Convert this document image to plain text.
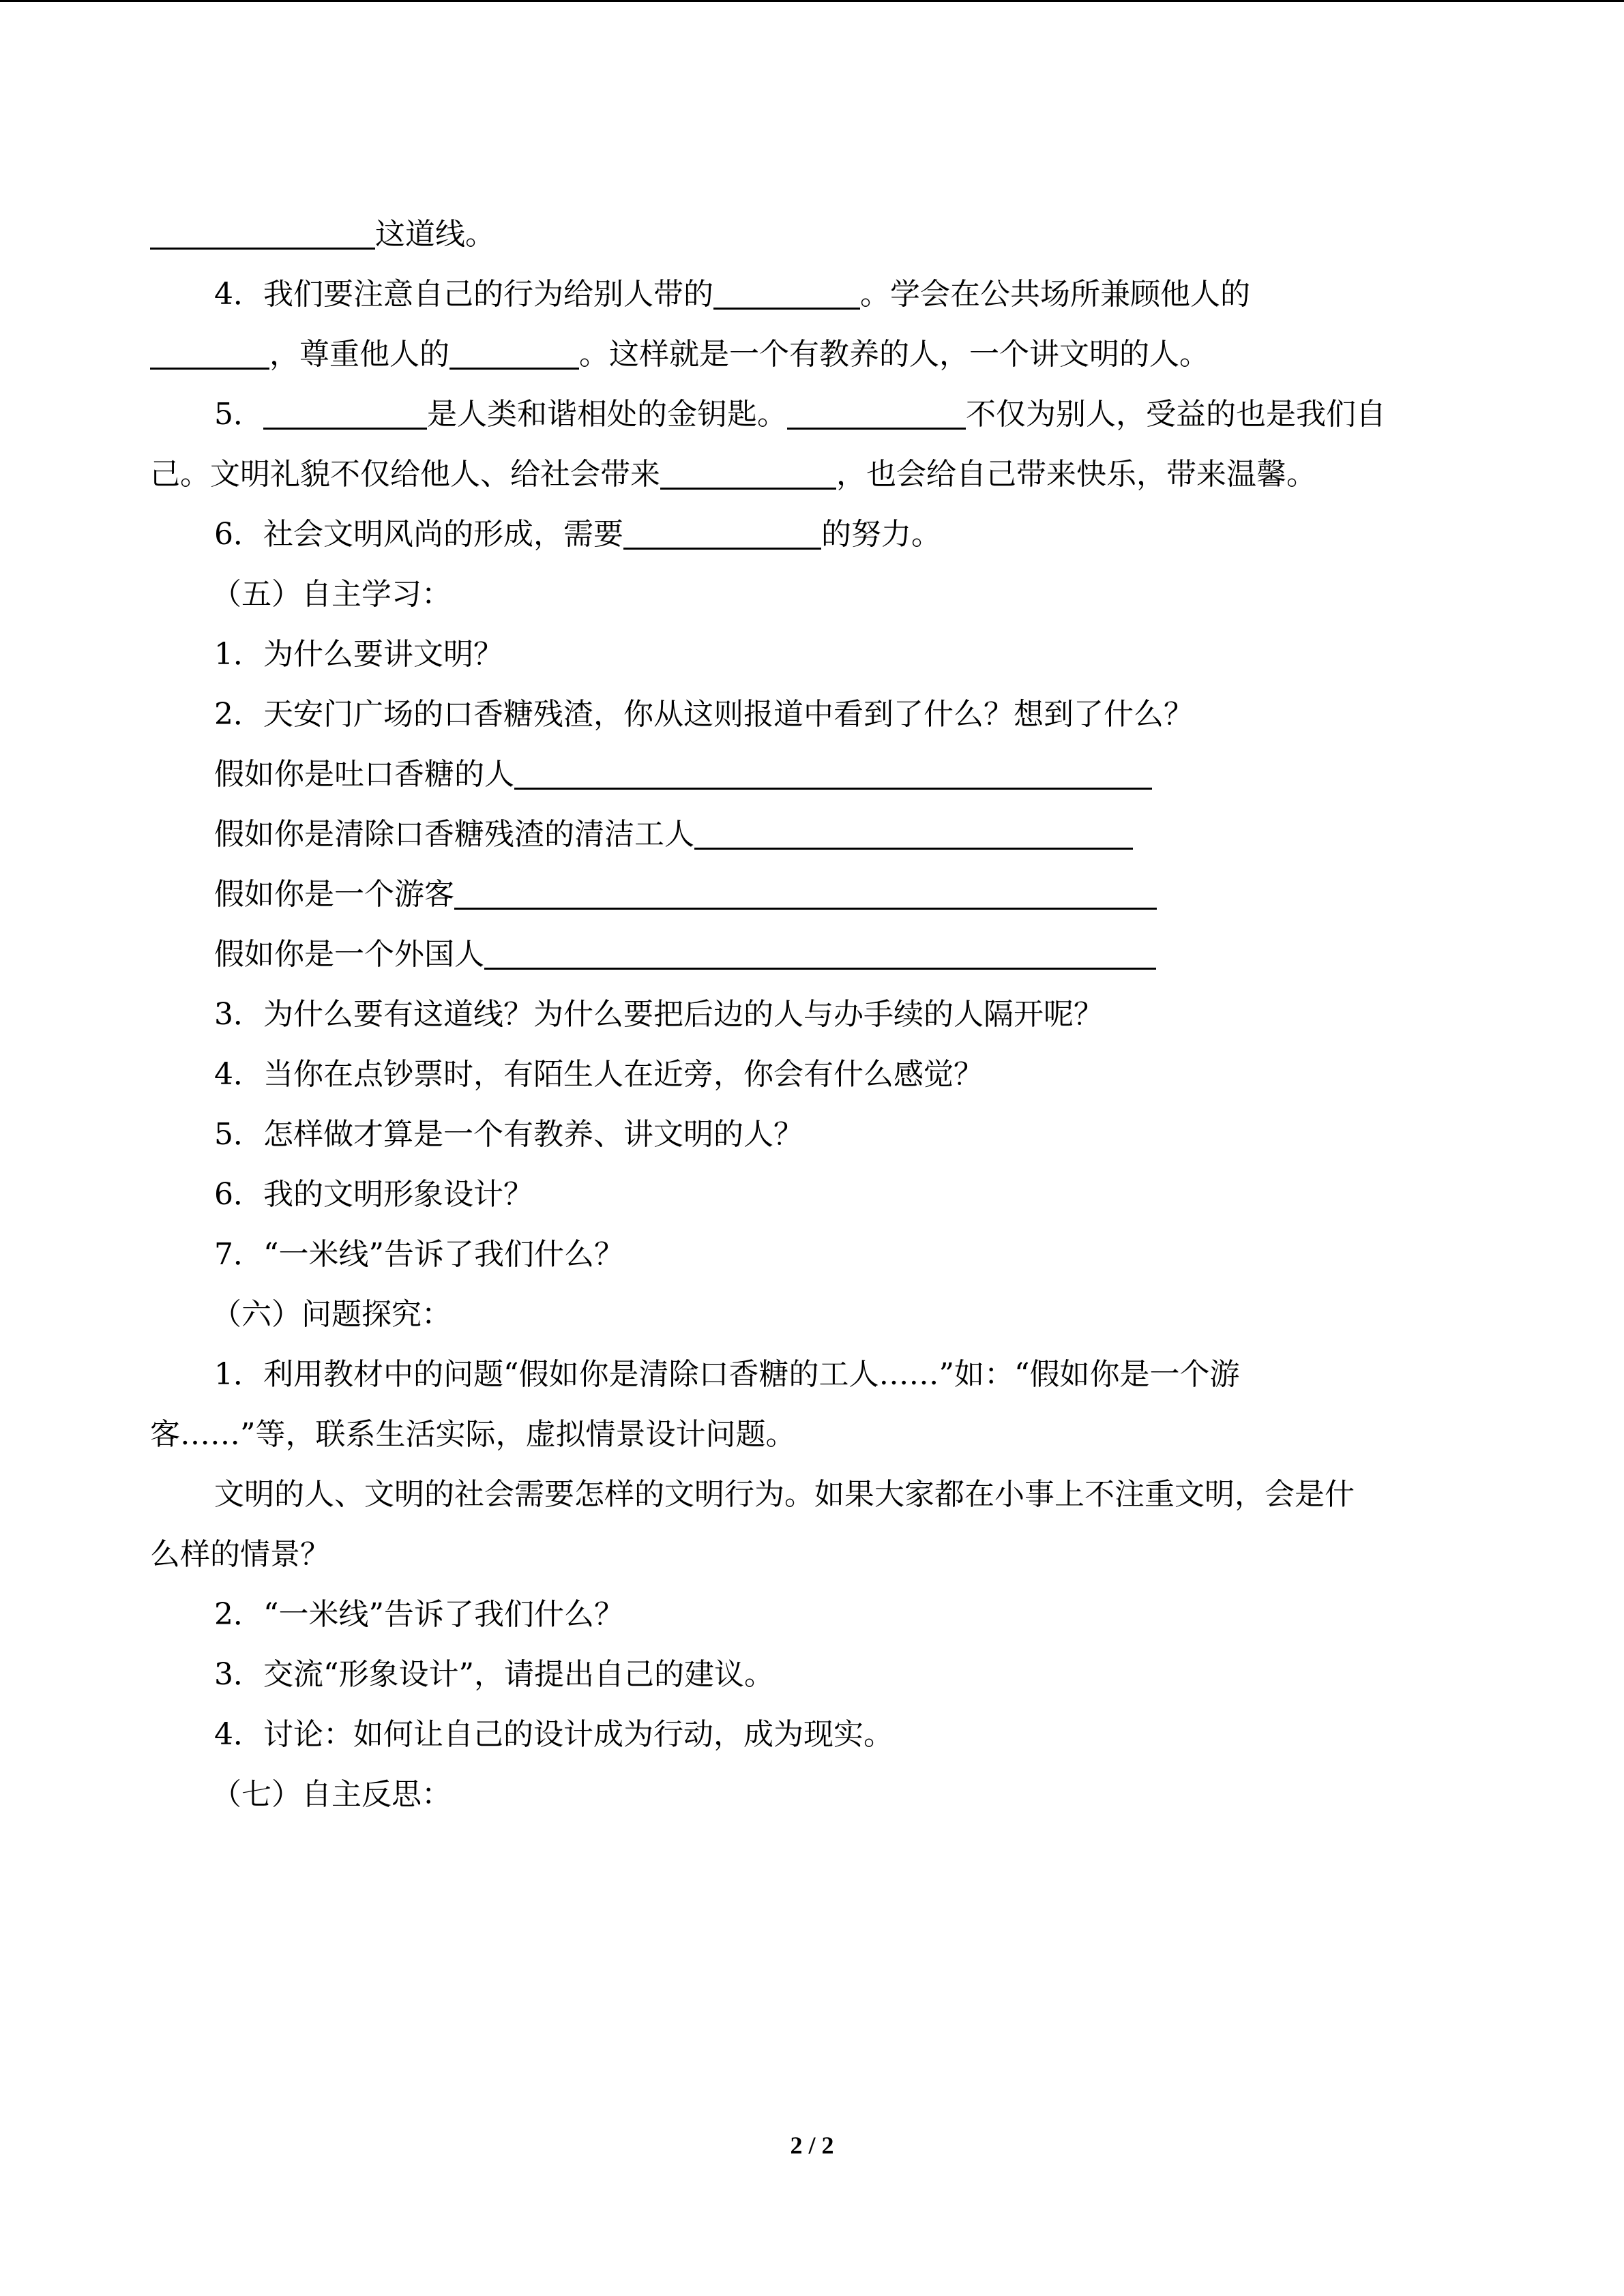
这道线。
4．我们要注意自己的行为给别人带的	。学会在公共场所兼顾他人的
，尊重他人的	。这样就是一个有教养的人，一个讲文明的人。
5．	是人类和谐相处的金钥匙。	不仅为别人，受益的也是我们自
己。文明礼貌不仅给他人、给社会带来	，也会给自己带来快乐，带来温馨。
6．社会文明风尚的形成，需要	的努力。
（五）自主学习：
1．为什么要讲文明？
2．天安门广场的口香糖残渣，你从这则报道中看到了什么？想到了什么？
假如你是吐口香糖的人
假如你是清除口香糖残渣的清洁工人
假如你是一个游客
假如你是一个外国人
3．为什么要有这道线？为什么要把后边的人与办手续的人隔开呢？
4．当你在点钞票时，有陌生人在近旁，你会有什么感觉？
5．怎样做才算是一个有教养、讲文明的人？
6．我的文明形象设计？
7．“一米线”告诉了我们什么？
（六）问题探究：
1．利用教材中的问题“假如你是清除口香糖的工人……”如：“假如你是一个游
客……”等，联系生活实际，虚拟情景设计问题。
文明的人、文明的社会需要怎样的文明行为。如果大家都在小事上不注重文明，会是什
么样的情景？
2．“一米线”告诉了我们什么？
3．交流“形象设计”，请提出自己的建议。
4．讨论：如何让自己的设计成为行动，成为现实。
（七）自主反思：
2 / 2
